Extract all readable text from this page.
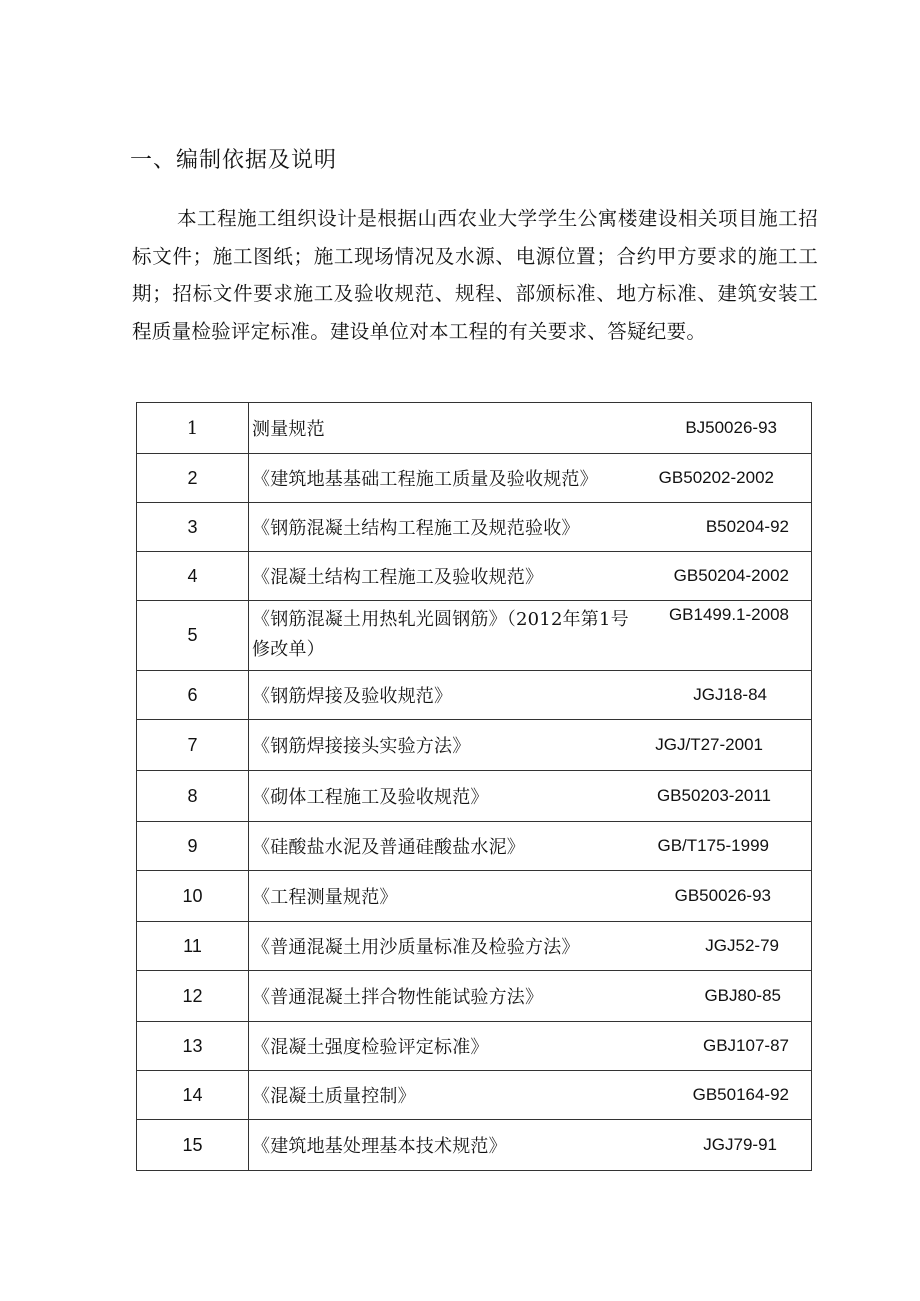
一、编制依据及说明
本工程施工组织设计是根据山西农业大学学生公寓楼建设相关项目施工招标文件；施工图纸；施工现场情况及水源、电源位置；合约甲方要求的施工工期；招标文件要求施工及验收规范、规程、部颁标准、地方标准、建筑安装工程质量检验评定标准。建设单位对本工程的有关要求、答疑纪要。
1	测量规范 BJ50026-93

2	《建筑地基基础工程施工质量及验收规范》 GB50202-2002

3	《钢筋混凝土结构工程施工及规范验收》 B50204-92

4	《混凝土结构工程施工及验收规范》 GB50204-2002

5	《钢筋混凝土用热轧光圆钢筋》（2012年第1号修改单）
GB1499.1-2008

6	《钢筋焊接及验收规范》 JGJ18-84

7	《钢筋焊接接头实验方法》 JGJ/T27-2001

8	《砌体工程施工及验收规范》 GB50203-2011

9	《硅酸盐水泥及普通硅酸盐水泥》 GB/T175-1999

10	《工程测量规范》 GB50026-93

11	《普通混凝土用沙质量标准及检验方法》 JGJ52-79

12	《普通混凝土拌合物性能试验方法》 GBJ80-85

13	《混凝土强度检验评定标准》 GBJ107-87

14	《混凝土质量控制》 GB50164-92

15	《建筑地基处理基本技术规范》 JGJ79-91
